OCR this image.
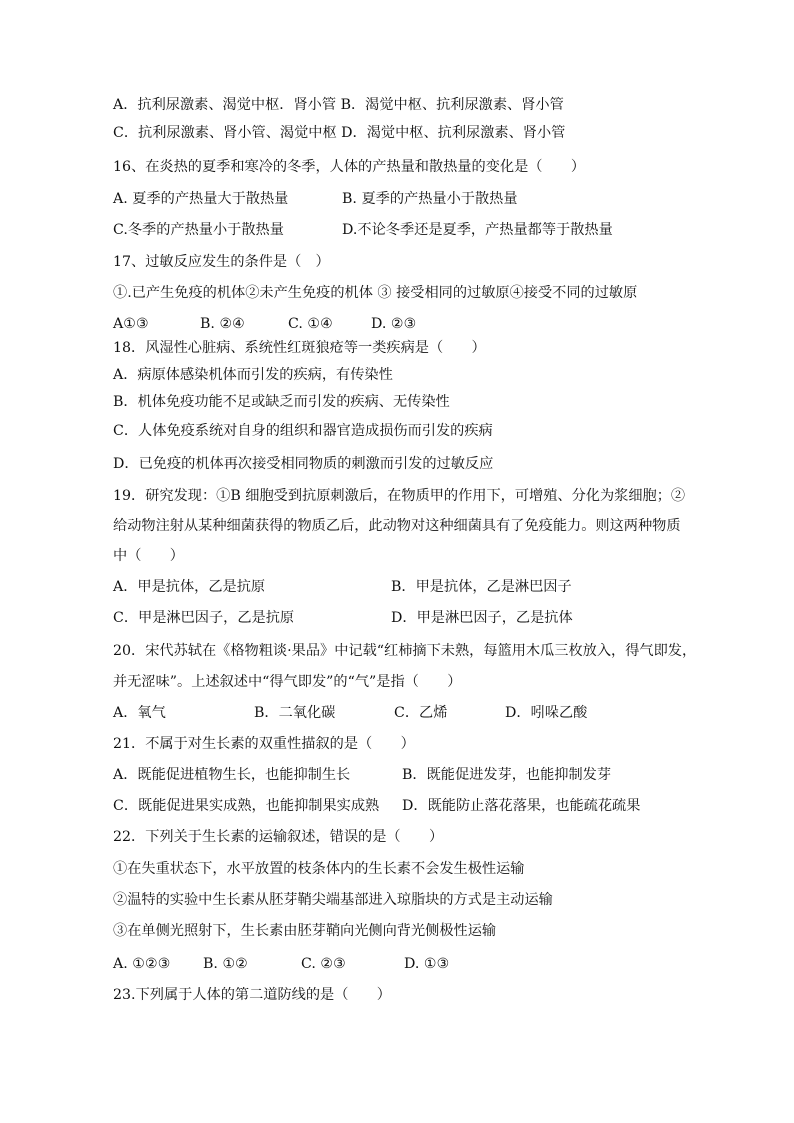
A．抗利尿激素、渴觉中枢．肾小管 B．渴觉中枢、抗利尿激素、肾小管
C．抗利尿激素、肾小管、渴觉中枢 D．渴觉中枢、抗利尿激素、肾小管
16、在炎热的夏季和寒冷的冬季，人体的产热量和散热量的变化是（　　）
A. 夏季的产热量大于散热量	B. 夏季的产热量小于散热量
C.冬季的产热量小于散热量	D.不论冬季还是夏季，产热量都等于散热量
17、过敏反应发生的条件是（　）
①.已产生免疫的机体②未产生免疫的机体 ③ 接受相同的过敏原④接受不同的过敏原
A①③	B. ②④	C. ①④	D. ②③
18．风湿性心脏病、系统性红斑狼疮等一类疾病是（　　）
A．病原体感染机体而引发的疾病，有传染性
B．机体免疫功能不足或缺乏而引发的疾病、无传染性
C．人体免疫系统对自身的组织和器官造成损伤而引发的疾病
D．已免疫的机体再次接受相同物质的刺激而引发的过敏反应
19．研究发现：①B 细胞受到抗原刺激后，在物质甲的作用下，可增殖、分化为浆细胞；②
给动物注射从某种细菌获得的物质乙后，此动物对这种细菌具有了免疫能力。则这两种物质
中（　　）
A．甲是抗体，乙是抗原	B．甲是抗体，乙是淋巴因子
C．甲是淋巴因子，乙是抗原	D．甲是淋巴因子，乙是抗体
20．宋代苏轼在《格物粗谈·果品》中记载“红柿摘下未熟，每篮用木瓜三枚放入，得气即发，
并无涩味”。上述叙述中“得气即发”的“气”是指（　　）
A．氧气	B．二氧化碳	C．乙烯	D．吲哚乙酸
21．不属于对生长素的双重性描叙的是（　　）
A．既能促进植物生长，也能抑制生长	B．既能促进发芽，也能抑制发芽
C．既能促进果实成熟，也能抑制果实成熟 D．既能防止落花落果，也能疏花疏果
22．下列关于生长素的运输叙述，错误的是（　　）
①在失重状态下，水平放置的枝条体内的生长素不会发生极性运输
②温特的实验中生长素从胚芽鞘尖端基部进入琼脂块的方式是主动运输
③在单侧光照射下，生长素由胚芽鞘向光侧向背光侧极性运输
A. ①②③ B. ①②	C. ②③	D. ①③
23.下列属于人体的第二道防线的是（　　）
